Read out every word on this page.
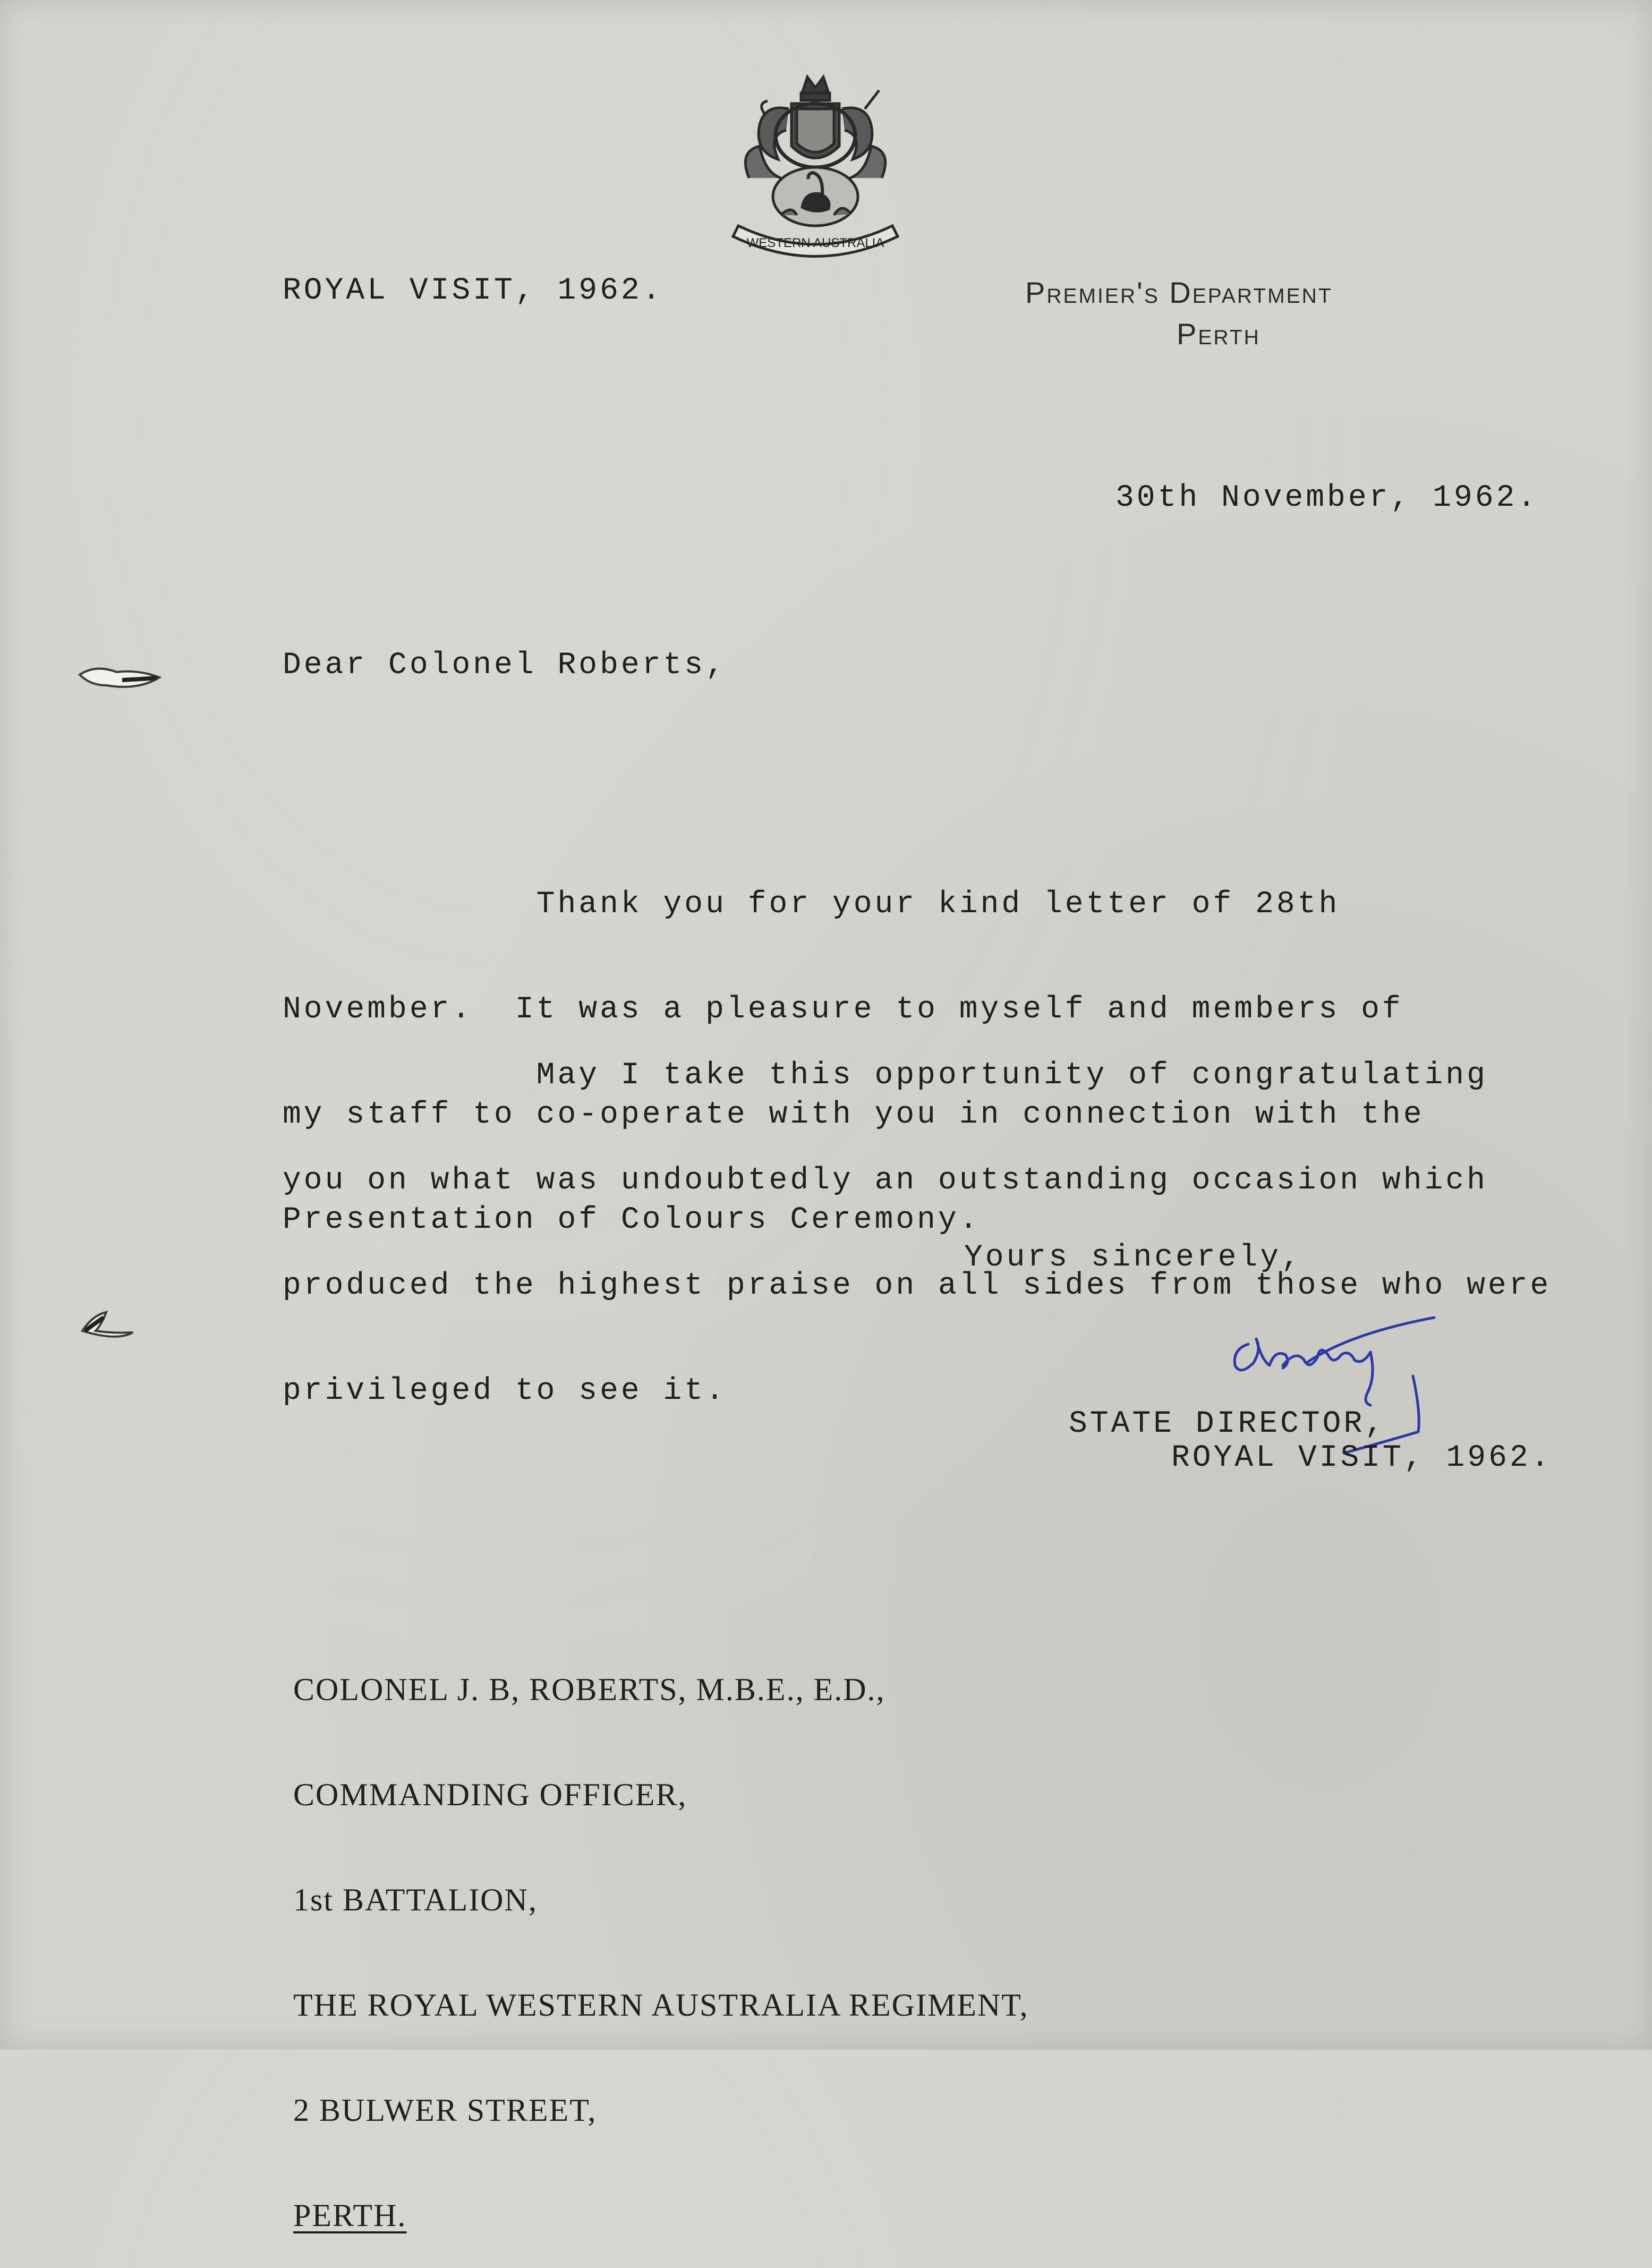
WESTERN AUSTRALIA
ROYAL VISIT, 1962.	Premier's Department
Perth
30th November, 1962.
Dear Colonel Roberts,

Thank you for your kind letter of 28th

November.  It was a pleasure to myself and members of

my staff to co-operate with you in connection with the

Presentation of Colours Ceremony.

May I take this opportunity of congratulating

you on what was undoubtedly an outstanding occasion which

produced the highest praise on all sides from those who were

privileged to see it.

Yours sincerely,
STATE DIRECTOR,
ROYAL VISIT, 1962.

COLONEL J. B, ROBERTS, M.B.E., E.D.,

COMMANDING OFFICER,

1st BATTALION,

THE ROYAL WESTERN AUSTRALIA REGIMENT,

2 BULWER STREET,

PERTH.
